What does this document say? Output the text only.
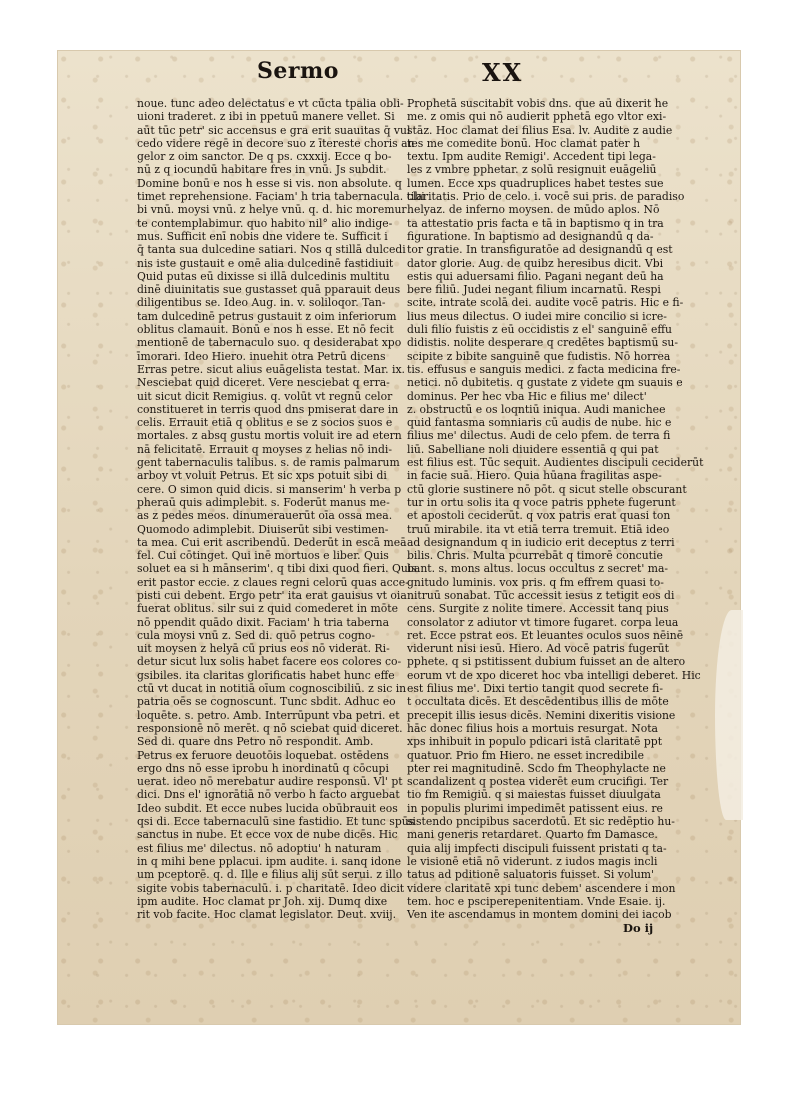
Sermo	XX
noue. tunc adeo delectatus e vt cūcta tpalia obli-
uioni traderet. z ibi in ppetuū manere vellet. Si
aūt tūc petr' sic accensus e gra erit suauitas q̄ vul
cedo videre regē in decore suo z ītereste choris an
gelor z oim sanctor. De q ps. cxxxij. Ecce q bo-
nū z q iocundū habitare fres in vnū. Js subdit.
Domine bonū e nos h esse si vis. non absolute. q
timet reprehensione. Faciam' h tria tabernacula. tibi
bi vnū. moysi vnū. z helye vnū. q. d. hic moremur
te contemplabimur. quo habito nil° alio indige-
mus. Sufficit enī nobis dne videre te. Sufficit i
q̄ tanta sua dulcedine satiari. Nos q stillā dulcedi
nis iste gustauit e omē alia dulcedinē fastidiuit
Quid putas eū dixisse si illā dulcedinis multitu
dinē diuinitatis sue gustasset quā pparauit deus
diligentibus se. Ideo Aug. in. v. soliloqor. Tan-
tam dulcedinē petrus gustauit z oim inferiorum
oblitus clamauit. Bonū e nos h esse. Et nō fecit
mentionē de tabernaculo suo. q desiderabat xpo
īmorari. Ideo Hiero. inuehit otra Petrū dicens
Erras petre. sicut alius euāgelista testat. Mar. ix.
Nesciebat quid diceret. Vere nesciebat q erra-
uit sicut dicit Remigius. q. volūt vt regnū celor
constitueret in terris quod dns pmiserat dare in
celis. Errauit etiā q oblitus e se z socios suos e
mortales. z absq gustu mortis voluit ire ad etern
nā felicitatē. Errauit q moyses z helias nō indi-
gent tabernaculis talibus. s. de ramis palmarum
arboy vt voluit Petrus. Et sic xps potuit sibi di
cere. O simon quid dicis. si manserim' h verba p
pheraū quis adimplebit. s. Foderūt manus me-
as z pedes meos. dinumerauerūt oīa ossa mea.
Quomodo adimplebit. Diuiserūt sibi vestimen-
ta mea. Cui erit ascribendū. Dederūt in escā meā
fel. Cui cōtinget. Qui inē mortuos e liber. Quis
soluet ea si h mānserim'. q tibi dixi quod fieri. Quis
erit pastor eccie. z claues regni celorū quas acce-
pisti cui debent. Ergo petr' ita erat gauisus vt oia
fuerat oblitus. silr sui z quid comederet in mōte
nō ppendit quādo dixit. Faciam' h tria taberna
cula moysi vnū z. Sed di. quō petrus cogno-
uit moysen z helyā cū prius eos nō viderat. Ri-
detur sicut lux solis habet facere eos colores co-
gsibiles. ita claritas glorificatis habet hunc effe
ctū vt ducat in notitiā oīum cognoscibiliū. z sic in
patria oēs se cognoscunt. Tunc sbdit. Adhuc eo
loquēte. s. petro. Amb. Interrūpunt vba petri. et
responsionē nō merēt. q nō sciebat quid diceret.
Sed di. quare dns Petro nō respondit. Amb.
Petrus ex feruore deuotōis loquebat. ostēdens
ergo dns nō esse iprobu h inordinatū q cōcupi
uerat. ideo nō merebatur audire responsū. Vl' pt
dici. Dns el' ignorātiā nō verbo h facto arguebat
Ideo subdit. Et ecce nubes lucida obūbrauit eos
qsi di. Ecce tabernaculū sine fastidio. Et tunc spūs
sanctus in nube. Et ecce vox de nube dicēs. Hic
est filius me' dilectus. nō adoptiu' h naturam
in q mihi bene pplacui. ipm audite. i. sanq idone
um pceptorē. q. d. Ille e filius alij sūt serui. z illo
sigite vobis tabernaculū. i. p charitatē. Ideo dicit
ipm audite. Hoc clamat pr Joh. xij. Dumq dixe
rit vob facite. Hoc clamat legislator. Deut. xviij.
Prophetā suscitabit vobis dns. que aū dixerit he
me. z omis qui nō audierit pphetā ego vltor exi-
stāz. Hoc clamat dei filius Esa. lv. Audite z audie
tes me comedite bonū. Hoc clamat pater h
textu. Ipm audite Remigi'. Accedent tipi lega-
les z vmbre pphetar. z solū resignuit euāgeliū
lumen. Ecce xps quadruplices habet testes sue
claritatis. Prio de celo. i. vocē sui pris. de paradiso
helyaz. de inferno moysen. de mūdo aplos. Nō
ta attestatio pris facta e tā in baptismo q in tra
figuratione. In baptismo ad designandū q da-
tor gratie. In transfiguratōe ad designandū q est
dator glorie. Aug. de quibz heresibus dicit. Vbi
estis qui aduersami filio. Pagani negant deū ha
bere filiū. Judei negant filium incarnatū. Respi
scite. intrate scolā dei. audite vocē patris. Hic e fi-
lius meus dilectus. O iudei mire concilio si icre-
duli filio fuistis z eū occidistis z el' sanguinē effu
didistis. nolite desperare q credētes baptismū su-
scipite z bibite sanguinē que fudistis. Nō horrea
tis. effusus e sanguis medici. z facta medicina fre-
netici. nō dubitetis. q gustate z videte qm suauis e
dominus. Per hec vba Hic e filius me' dilect'
z. obstructū e os loqntiū iniqua. Audi manichee
quid fantasma somniaris cū audis de nube. hic e
filius me' dilectus. Audi de celo pfem. de terra fi
liū. Sabelliane noli diuidere essentiā q qui pat
est filius est. Tūc sequit. Audientes discipuli ceciderūt
in facie suā. Hiero. Quia hūana fragilitas aspe-
ctū glorie sustinere nō pōt. q sicut stelle obscurant
tur in ortu solis ita q voce patris pphete fugerunt
et apostoli ceciderūt. q vox patris erat quasi ton
truū mirabile. ita vt etiā terra tremuit. Etiā ideo
ad designandum q in iudicio erit deceptus z terri
bilis. Chris. Multa pcurrebāt q timorē concutie
bant. s. mons altus. locus occultus z secret' ma-
gnitudo luminis. vox pris. q fm effrem quasi to-
nitruū sonabat. Tūc accessit iesus z tetigit eos di
cens. Surgite z nolite timere. Accessit tanq pius
consolator z adiutor vt timore fugaret. corpa leua
ret. Ecce pstrat eos. Et leuantes oculos suos nēinē
viderunt nisi iesū. Hiero. Ad vocē patris fugerūt
pphete. q si pstitissent dubium fuisset an de altero
eorum vt de xpo diceret hoc vba intelligi deberet. Hic
est filius me'. Dixi tertio tangit quod secrete fi-
t occultata dicēs. Et descēdentibus illis de mōte
precepit illis iesus dicēs. Nemini dixeritis visione
hāc donec filius hois a mortuis resurgat. Nota
xps inhibuit in populo pdicari istā claritatē ppt
quatuor. Prio fm Hiero. ne esset incredibile
pter rei magnitudinē. Scdo fm Theophylacte ne
scandalizent q postea viderēt eum crucifigi. Ter
tio fm Remigiū. q si maiestas fuisset diuulgata
in populis plurimi impedimēt patissent eius. re
sistendo pncipibus sacerdotū. Et sic redēptio hu-
mani generis retardaret. Quarto fm Damasce.
quia alij impfecti discipuli fuissent pristati q ta-
le visionē etiā nō viderunt. z iudos magis incli
tatus ad pditionē saluatoris fuisset. Si volum'
videre claritatē xpi tunc debem' ascendere i mon
tem. hoc e psciperepenitentiam. Vnde Esaie. ij.
Ven ite ascendamus in montem domini dei iacob
Do ij
